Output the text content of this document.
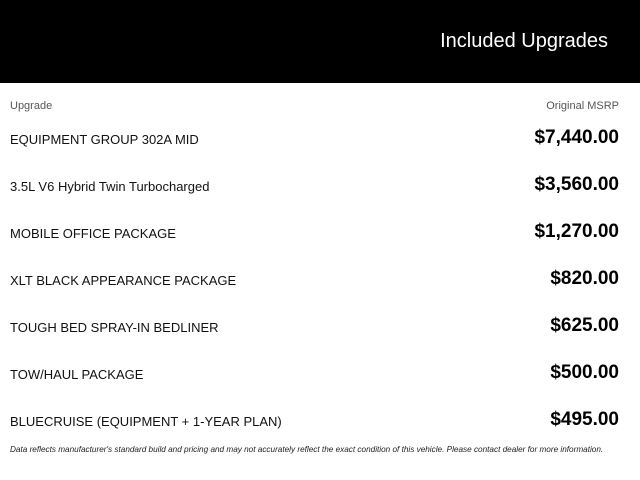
Included Upgrades
Upgrade	Original MSRP
EQUIPMENT GROUP 302A MID	$7,440.00
3.5L V6 Hybrid Twin Turbocharged	$3,560.00
MOBILE OFFICE PACKAGE	$1,270.00
XLT BLACK APPEARANCE PACKAGE	$820.00
TOUGH BED SPRAY-IN BEDLINER	$625.00
TOW/HAUL PACKAGE	$500.00
BLUECRUISE (EQUIPMENT + 1-YEAR PLAN)	$495.00
Data reflects manufacturer's standard build and pricing and may not accurately reflect the exact condition of this vehicle. Please contact dealer for more information.
